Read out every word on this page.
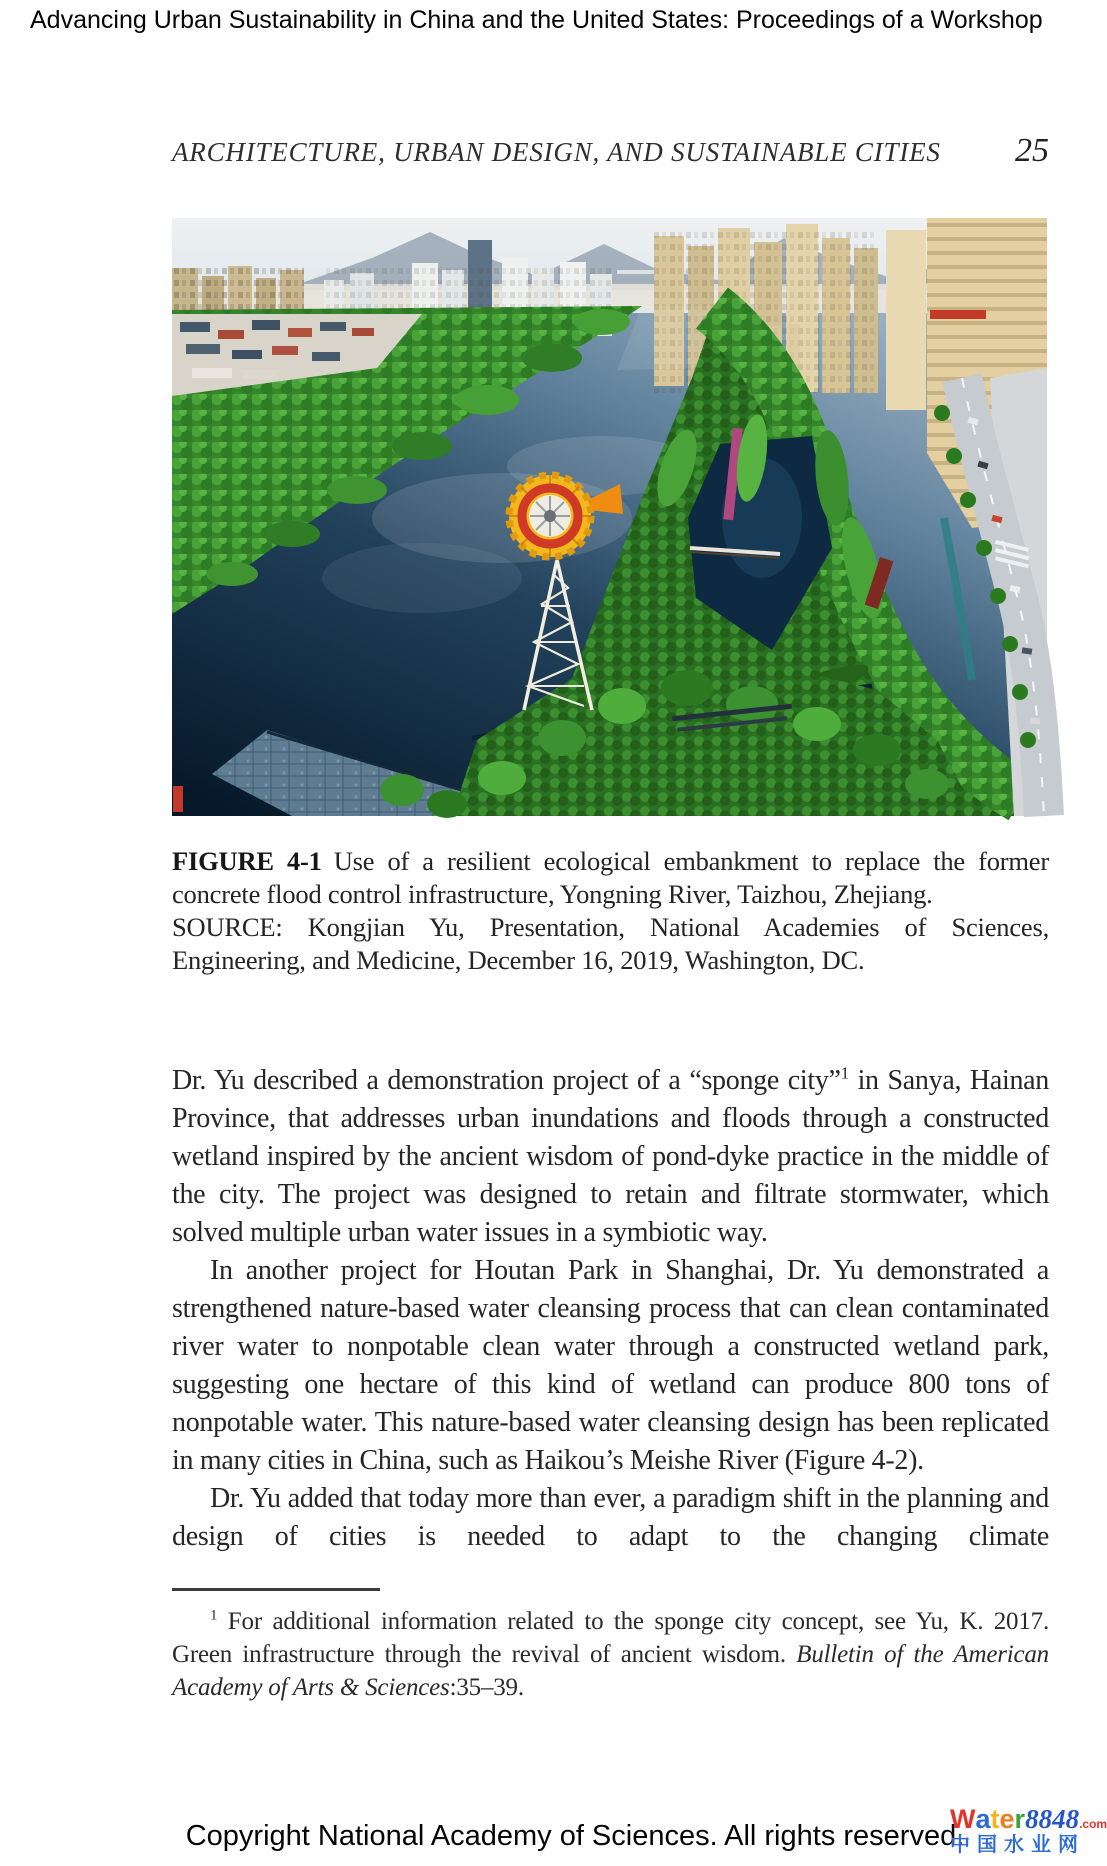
Advancing Urban Sustainability in China and the United States: Proceedings of a Workshop
ARCHITECTURE, URBAN DESIGN, AND SUSTAINABLE CITIES 25

FIGURE 4-1 Use of a resilient ecological embankment to replace the former concrete flood control infrastructure, Yongning River, Taizhou, Zhejiang.

SOURCE: Kongjian Yu, Presentation, National Academies of Sciences, Engineering, and Medicine, December 16, 2019, Washington, DC.

Dr. Yu described a demonstration project of a “sponge city”$^1$ in Sanya, Hainan Province, that addresses urban inundations and floods through a constructed wetland inspired by the ancient wisdom of pond-dyke practice in the middle of the city. The project was designed to retain and filtrate stormwater, which solved multiple urban water issues in a symbiotic way.

In another project for Houtan Park in Shanghai, Dr. Yu demonstrated a strengthened nature-based water cleansing process that can clean contaminated river water to nonpotable clean water through a constructed wetland park, suggesting one hectare of this kind of wetland can produce 800 tons of nonpotable water. This nature-based water cleansing design has been replicated in many cities in China, such as Haikou’s Meishe River (Figure 4-2).

Dr. Yu added that today more than ever, a paradigm shift in the planning and design of cities is needed to adapt to the changing climate

$^1$ For additional information related to the sponge city concept, see Yu, K. 2017. Green infrastructure through the revival of ancient wisdom. Bulletin of the American Academy of Arts & Sciences:35–39.

Copyright National Academy of Sciences. All rights reserved.
Water8848.com
中国水业网
